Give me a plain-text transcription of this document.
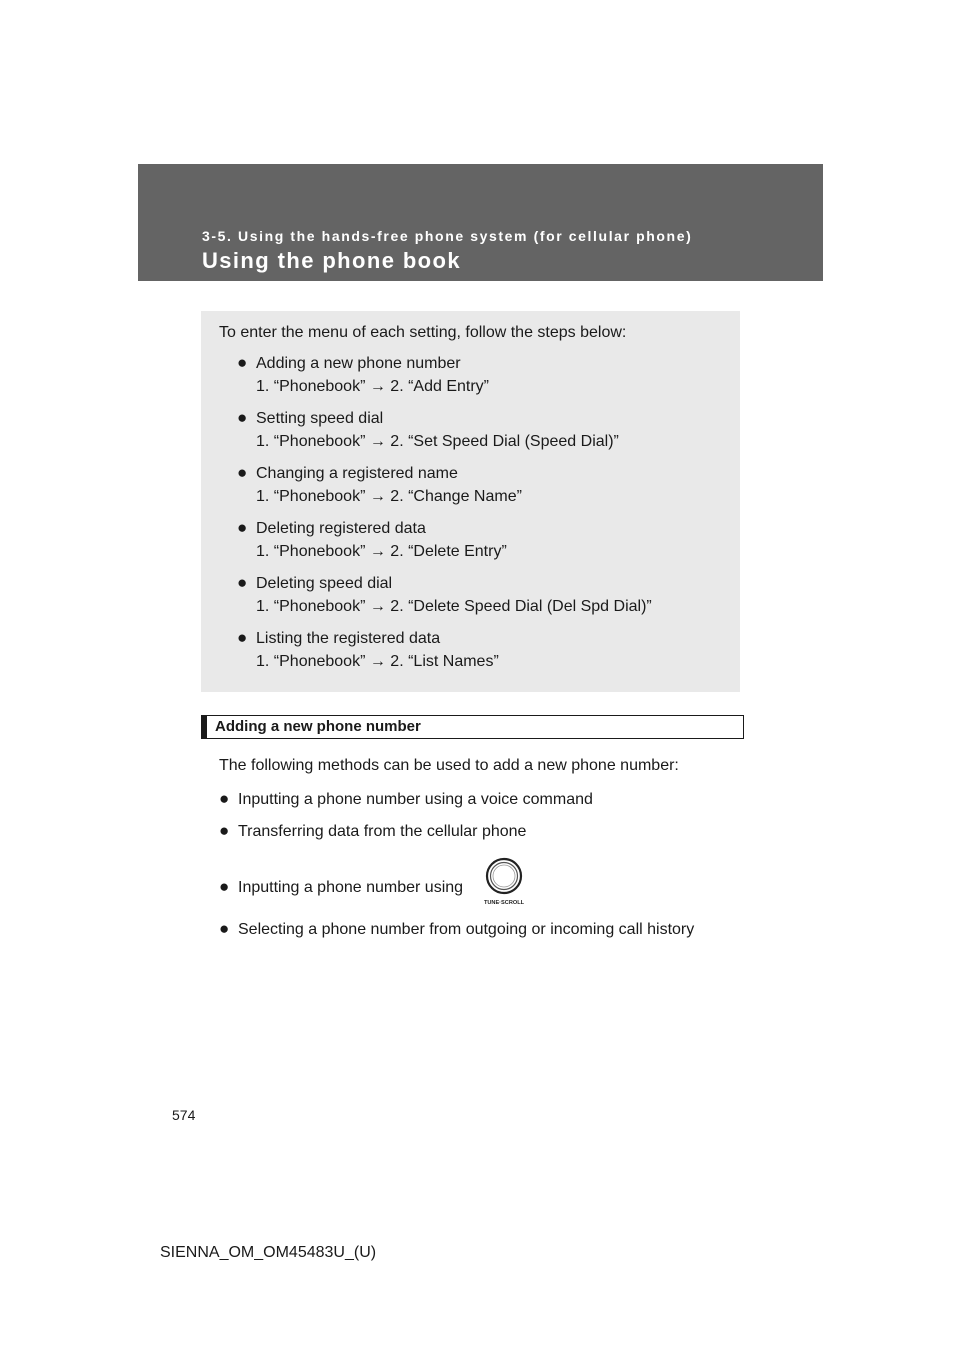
3-5. Using the hands-free phone system (for cellular phone)
Using the phone book
To enter the menu of each setting, follow the steps below:
● Adding a new phone number
1. “Phonebook” → 2. “Add Entry”
● Setting speed dial
1. “Phonebook” → 2. “Set Speed Dial (Speed Dial)”
● Changing a registered name
1. “Phonebook” → 2. “Change Name”
● Deleting registered data
1. “Phonebook” → 2. “Delete Entry”
● Deleting speed dial
1. “Phonebook” → 2. “Delete Speed Dial (Del Spd Dial)”
● Listing the registered data
1. “Phonebook” → 2. “List Names”
Adding a new phone number
The following methods can be used to add a new phone number:
● Inputting a phone number using a voice command
● Transferring data from the cellular phone
● Inputting a phone number using
● Selecting a phone number from outgoing or incoming call history
TUNE·SCROLL
574
SIENNA_OM_OM45483U_(U)
